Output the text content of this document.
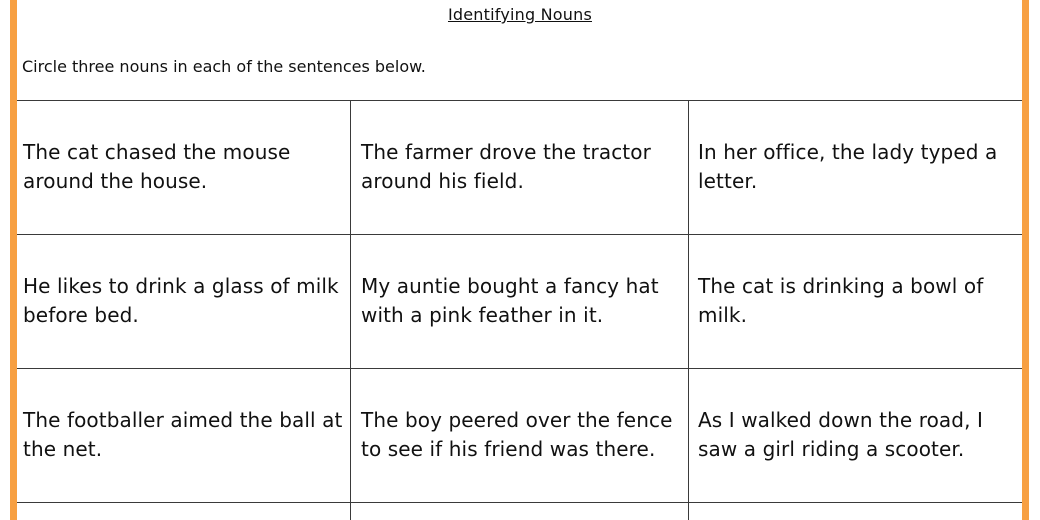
Identifying Nouns
Circle three nouns in each of the sentences below.
The cat chased the mouse around the house.
The farmer drove the tractor around his field.
In her office, the lady typed a letter.
He likes to drink a glass of milk before bed.
My auntie bought a fancy hat with a pink feather in it.
The cat is drinking a bowl of milk.
The footballer aimed the ball at the net.
The boy peered over the fence to see if his friend was there.
As I walked down the road, I saw a girl riding a scooter.
